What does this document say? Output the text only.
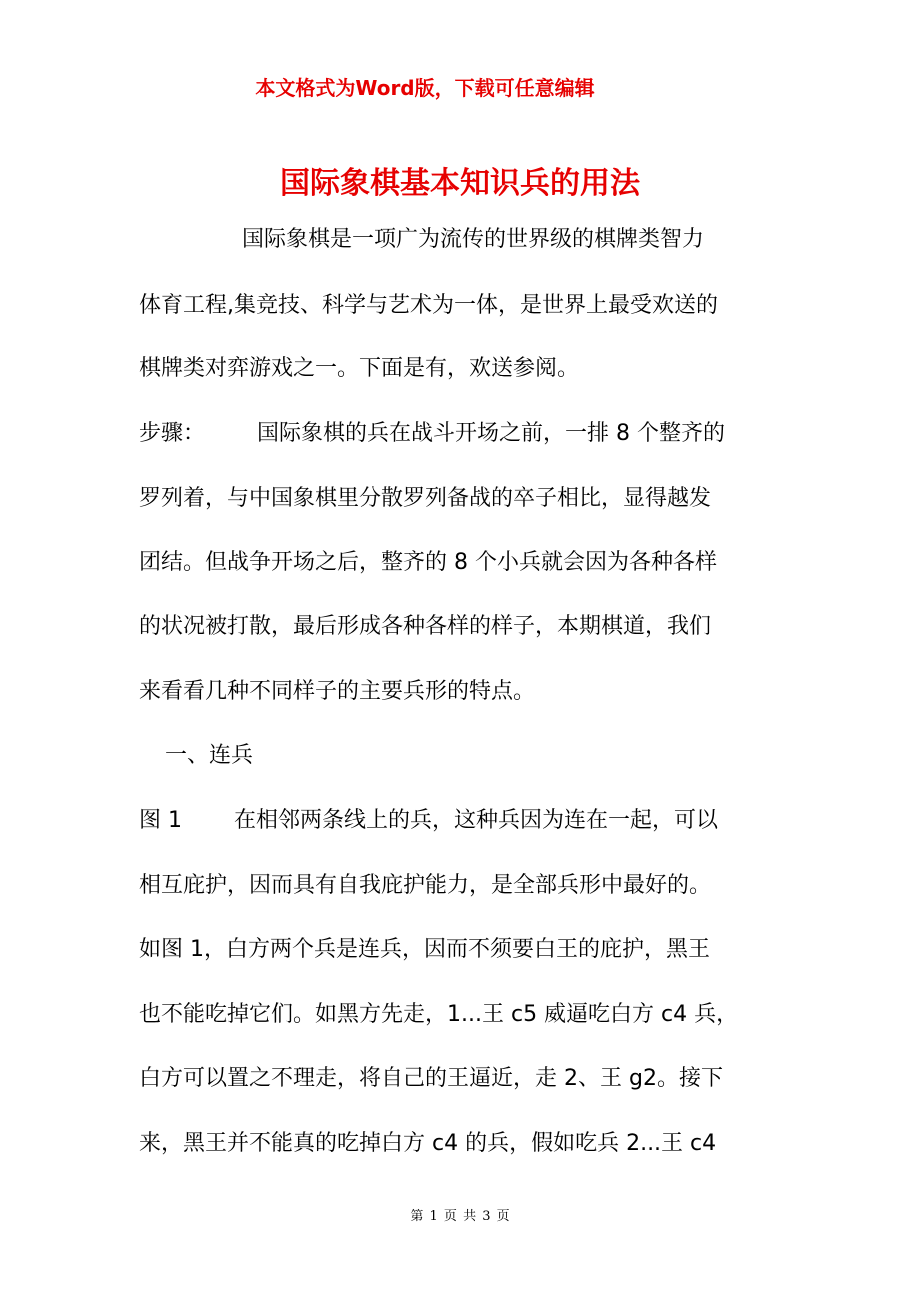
本文格式为Word版，下载可任意编辑
国际象棋基本知识兵的用法
国际象棋是一项广为流传的世界级的棋牌类智力
体育工程,集竞技、科学与艺术为一体，是世界上最受欢送的
棋牌类对弈游戏之一。下面是有，欢送参阅。
步骤： 国际象棋的兵在战斗开场之前，一排 8 个整齐的
罗列着，与中国象棋里分散罗列备战的卒子相比，显得越发
团结。但战争开场之后，整齐的 8 个小兵就会因为各种各样
的状况被打散，最后形成各种各样的样子，本期棋道，我们
来看看几种不同样子的主要兵形的特点。
一、连兵
图 1 在相邻两条线上的兵，这种兵因为连在一起，可以
相互庇护，因而具有自我庇护能力，是全部兵形中最好的。
如图 1，白方两个兵是连兵，因而不须要白王的庇护，黑王
也不能吃掉它们。如黑方先走，1...王 c5 威逼吃白方 c4 兵，
白方可以置之不理走，将自己的王逼近，走 2、王 g2。接下
来，黑王并不能真的吃掉白方 c4 的兵，假如吃兵 2...王 c4
第 1 页 共 3 页
